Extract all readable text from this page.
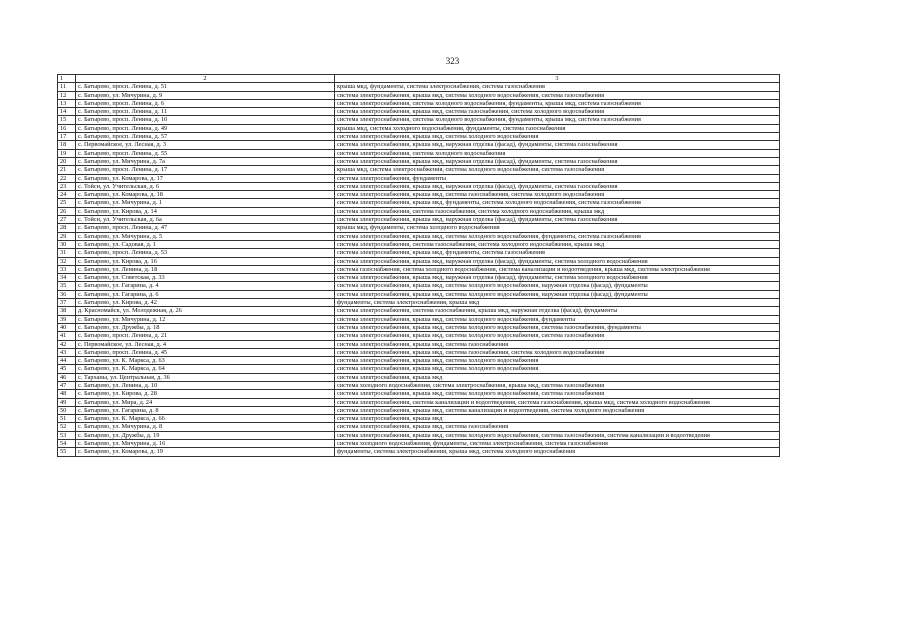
323
1	2	3
11	с. Батырево, просп. Ленина, д. 51	крыша мкд, фундаменты, система электроснабжения, система газоснабжения
12	с. Батырево, ул. Мичурина, д. 9	система электроснабжения, крыша мкд, система холодного водоснабжения, система газоснабжения
13	с. Батырево, просп. Ленина, д. 6	система электроснабжения, система холодного водоснабжения, фундаменты, крыша мкд, система газоснабжения
14	с. Батырево, просп. Ленина, д. 11	система электроснабжения, крыша мкд, система газоснабжения, система холодного водоснабжения
15	с. Батырево, просп. Ленина, д. 10	система электроснабжения, система холодного водоснабжения, фундаменты, крыша мкд, система газоснабжения
16	с. Батырево, просп. Ленина, д. 49	крыша мкд, система холодного водоснабжения, фундаменты, система газоснабжения
17	с. Батырево, просп. Ленина, д. 57	система электроснабжения, крыша мкд, система холодного водоснабжения
18	с. Первомайское, ул. Лесная, д. 3	система электроснабжения, крыша мкд, наружная отделка (фасад), фундаменты, система газоснабжения
19	с. Батырево, просп. Ленина, д. 55	система электроснабжения, система холодного водоснабжения
20	с. Батырево, ул. Мичурина, д. 7а	система электроснабжения, крыша мкд, наружная отделка (фасад), фундаменты, система газоснабжения
21	с. Батырево, просп. Ленина, д. 17	крыша мкд, система электроснабжения, система холодного водоснабжения, система газоснабжения
22	с. Батырево, ул. Комарова, д. 17	система электроснабжения, фундаменты
23	с. Тойси, ул. Учительская, д. 6	система электроснабжения, крыша мкд, наружная отделка (фасад), фундаменты, система газоснабжения
24	с. Батырево, ул. Комарова, д. 18	система электроснабжения, крыша мкд, система газоснабжения, система холодного водоснабжения
25	с. Батырево, ул. Мичурина, д. 1	система электроснабжения, крыша мкд, фундаменты, система холодного водоснабжения, система газоснабжения
26	с. Батырево, ул. Кирова, д. 14	система электроснабжения, система газоснабжения, система холодного водоснабжения, крыша мкд
27	с. Тойси, ул. Учительская, д. 6а	система электроснабжения, крыша мкд, наружная отделка (фасад), фундаменты, система газоснабжения
28	с. Батырево, просп. Ленина, д. 47	крыша мкд, фундаменты, система холодного водоснабжения
29	с. Батырево, ул. Мичурина, д. 5	система электроснабжения, крыша мкд, система холодного водоснабжения, фундаменты, система газоснабжения
30	с. Батырево, ул. Садовая, д. 1	система электроснабжения, система газоснабжения, система холодного водоснабжения, крыша мкд
31	с. Батырево, просп. Ленина, д. 53	система электроснабжения, крыша мкд, фундаменты, система газоснабжения
32	с. Батырево, ул. Кирова, д. 16	система электроснабжения, крыша мкд, наружная отделка (фасад), фундаменты, система холодного водоснабжения
33	с. Батырево, ул. Ленина, д. 18	система газоснабжения, система холодного водоснабжения, система канализации и водоотведения, крыша мкд, система электроснабжения
34	с. Батырево, ул. Советская, д. 33	система электроснабжения, крыша мкд, наружная отделка (фасад), фундаменты, система холодного водоснабжения
35	с. Батырево, ул. Гагарина, д. 4	система электроснабжения, крыша мкд, система холодного водоснабжения, наружная отделка (фасад), фундаменты
36	с. Батырево, ул. Гагарина, д. 6	система электроснабжения, крыша мкд, система холодного водоснабжения, наружная отделка (фасад), фундаменты
37	с. Батырево, ул. Кирова, д. 42	фундаменты, система электроснабжения, крыша мкд
38	д. Красномайск, ул. Молодежная, д. 26	система электроснабжения, система газоснабжения, крыша мкд, наружная отделка (фасад), фундаменты
39	с. Батырево, ул. Мичурина, д. 12	система электроснабжения, крыша мкд, система холодного водоснабжения, фундаменты
40	с. Батырево, ул. Дружбы, д. 18	система электроснабжения, крыша мкд, система холодного водоснабжения, система газоснабжения, фундаменты
41	с. Батырево, просп. Ленина, д. 21	система электроснабжения, крыша мкд, система холодного водоснабжения, система газоснабжения
42	с. Первомайское, ул. Лесная, д. 4	система электроснабжения, крыша мкд, система газоснабжения
43	с. Батырево, просп. Ленина, д. 45	система электроснабжения, крыша мкд, система газоснабжения, система холодного водоснабжения
44	с. Батырево, ул. К. Маркса, д. 63	система электроснабжения, крыша мкд, система холодного водоснабжения
45	с. Батырево, ул. К. Маркса, д. 64	система электроснабжения, крыша мкд, система холодного водоснабжения
46	с. Тарханы, ул. Центральная, д. 36	система электроснабжения, крыша мкд
47	с. Батырево, ул. Ленина, д. 10	система холодного водоснабжения, система электроснабжения, крыша мкд, система газоснабжения
48	с. Батырево, ул. Кирова, д. 28	система электроснабжения, крыша мкд, система холодного водоснабжения, система газоснабжения
49	с. Батырево, ул. Мира, д. 24	система электроснабжения, система канализации и водоотведения, система газоснабжения, крыша мкд, система холодного водоснабжения
50	с. Батырево, ул. Гагарина, д. 8	система электроснабжения, крыша мкд, система канализации и водоотведения, система холодного водоснабжения
51	с. Батырево, ул. К. Маркса, д. 66	система электроснабжения, крыша мкд
52	с. Батырево, ул. Мичурина, д. 8	система электроснабжения, крыша мкд, система газоснабжения
53	с. Батырево, ул. Дружбы, д. 19	система электроснабжения, крыша мкд, система холодного водоснабжения, система газоснабжения, система канализации и водоотведения
54	с. Батырево, ул. Мичурина, д. 16	система холодного водоснабжения, фундаменты, система электроснабжения, система газоснабжения
55	с. Батырево, ул. Комарова, д. 19	фундаменты, система электроснабжения, крыша мкд, система холодного водоснабжения
